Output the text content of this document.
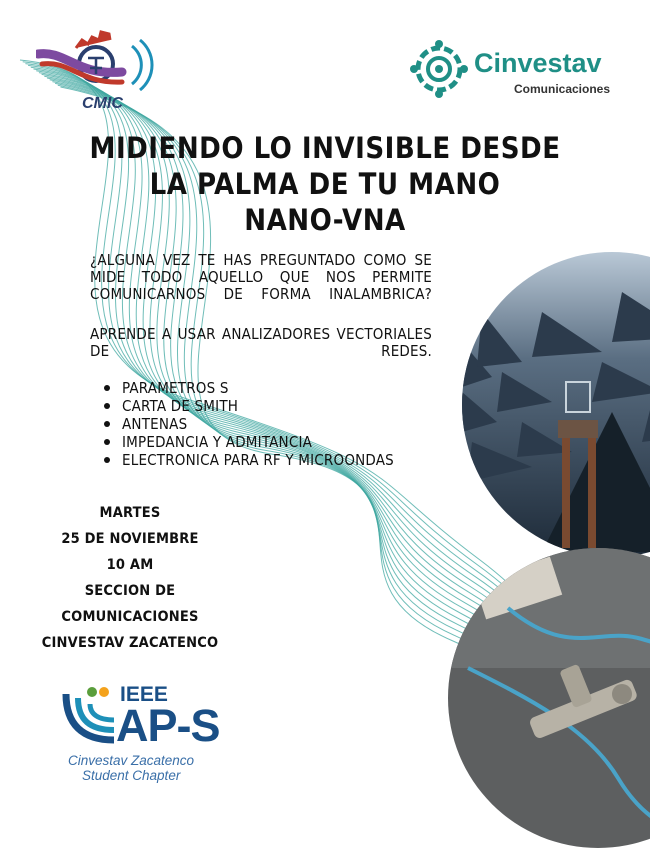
CMIC
Cinvestav
Comunicaciones
MIDIENDO LO INVISIBLE DESDE
LA PALMA DE TU MANO
NANO-VNA
¿ALGUNA VEZ TE HAS PREGUNTADO COMO SE MIDE TODO AQUELLO QUE NOS PERMITE COMUNICARNOS DE FORMA INALAMBRICA?
APRENDE A USAR ANALIZADORES VECTORIALES DE REDES.
PARAMETROS S
CARTA DE SMITH
ANTENAS
IMPEDANCIA Y ADMITANCIA
ELECTRONICA PARA RF Y MICROONDAS
MARTES
25 DE NOVIEMBRE
10 AM
SECCION DE
COMUNICACIONES
CINVESTAV ZACATENCO
IEEE
AP-S
Cinvestav Zacatenco
Student Chapter
